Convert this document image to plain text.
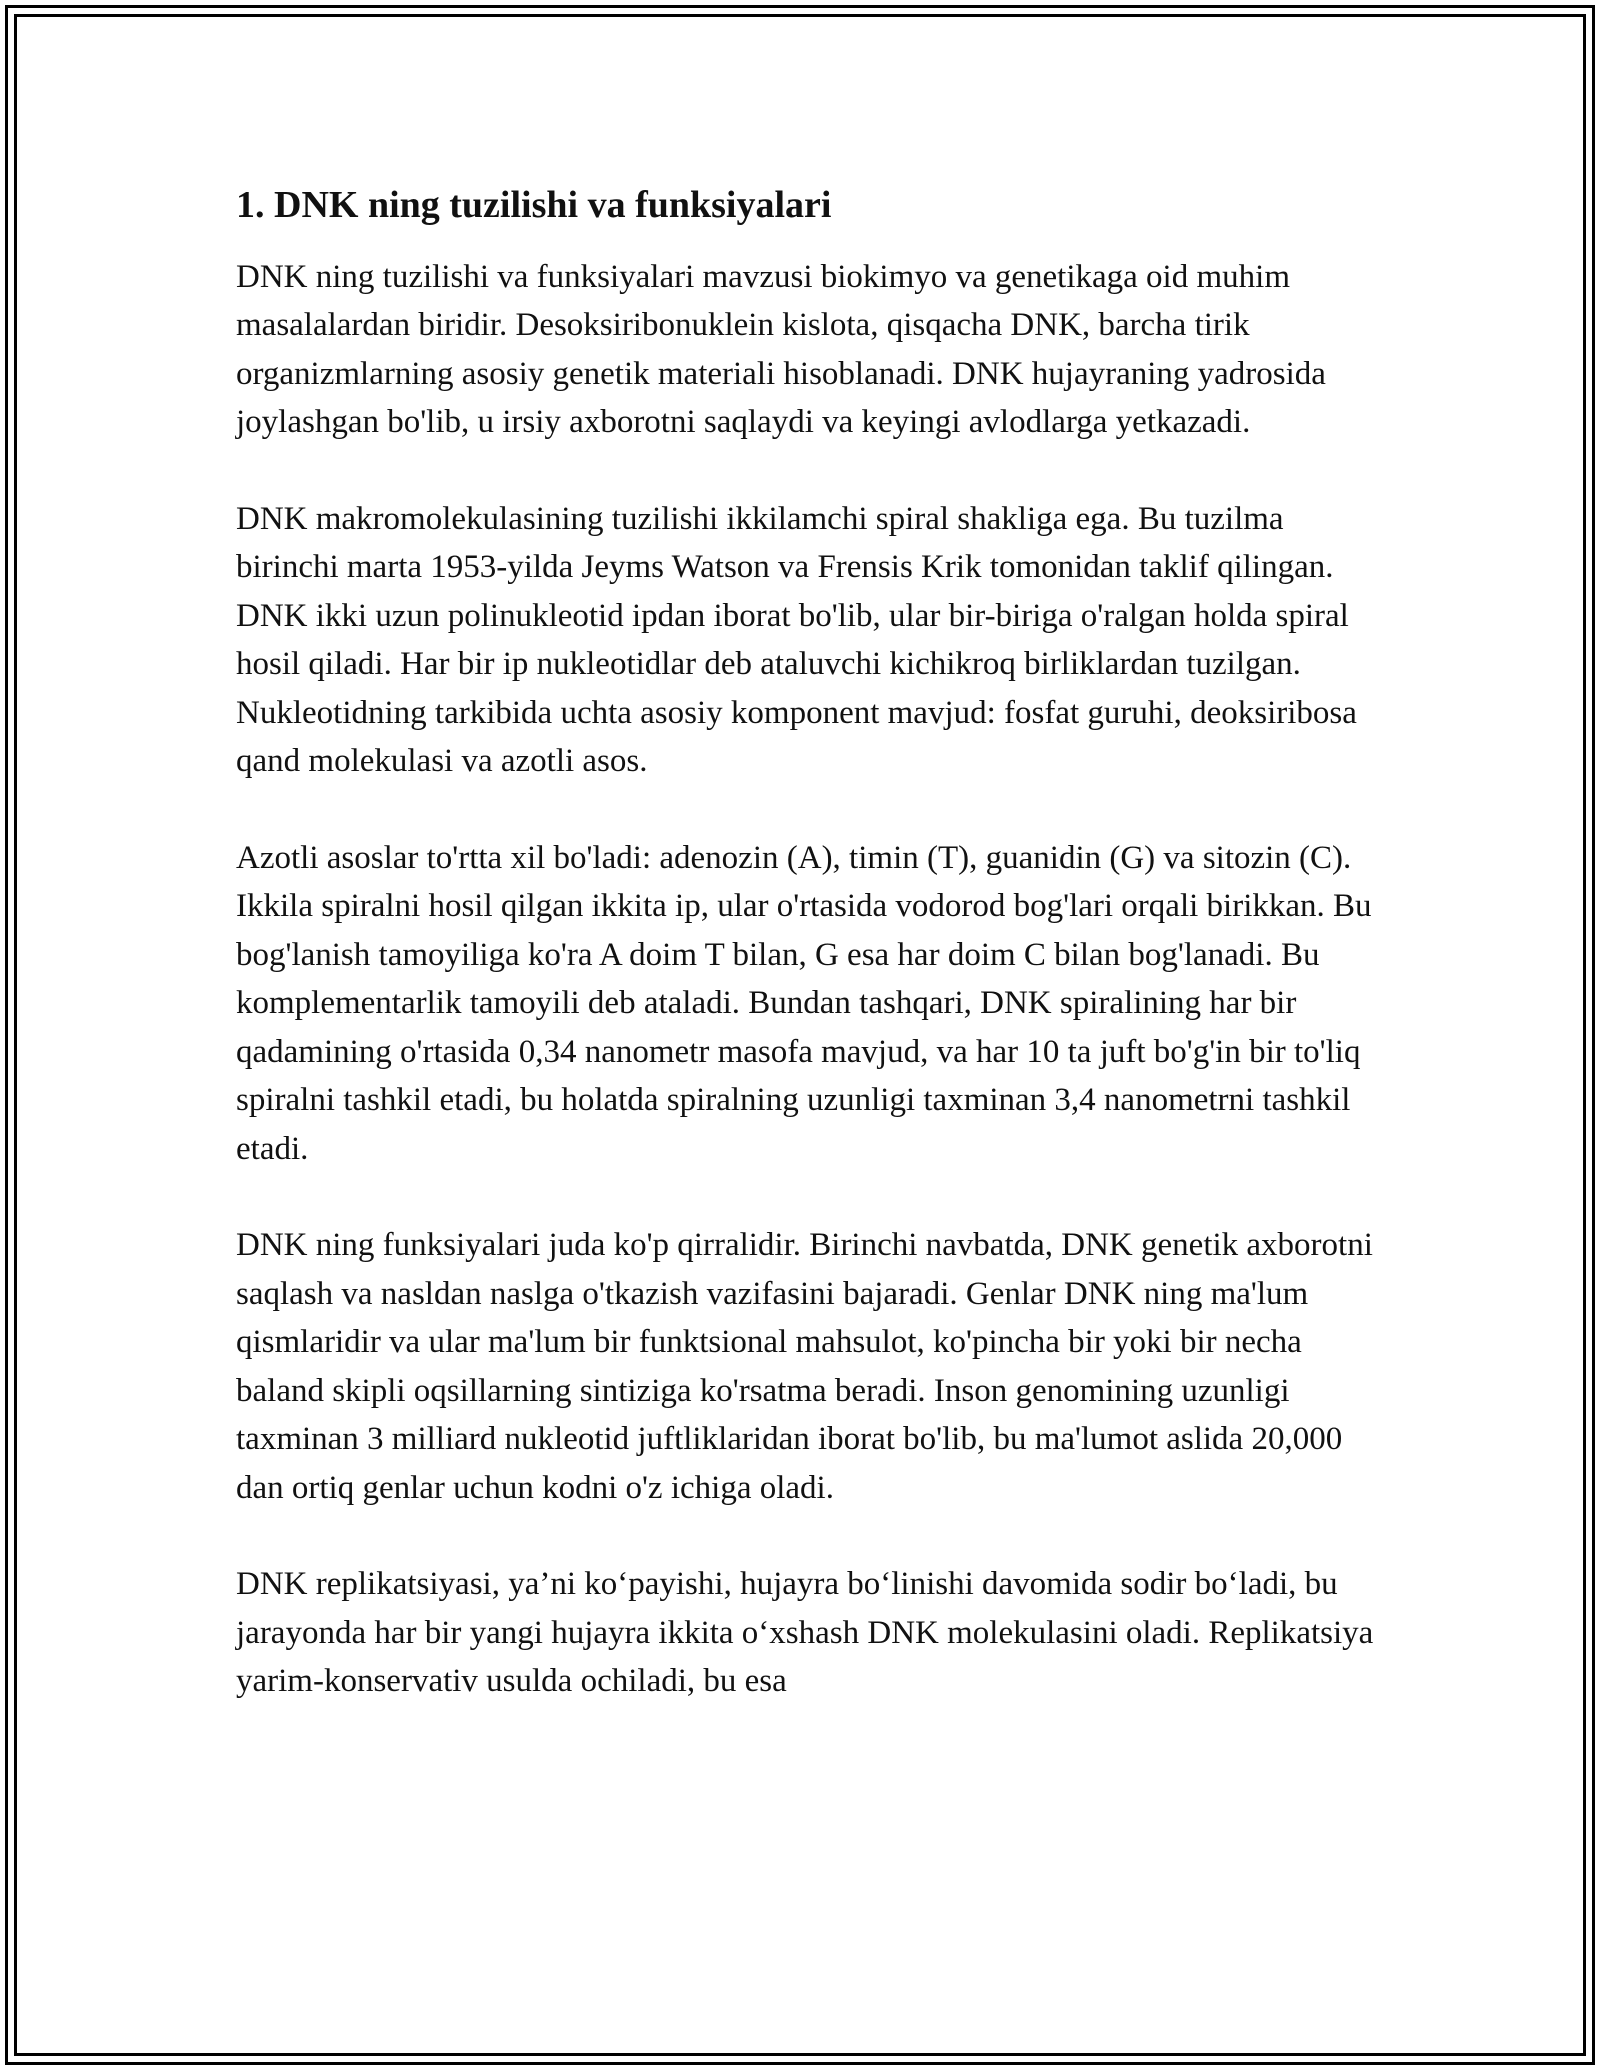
1. DNK ning tuzilishi va funksiyalari

DNK ning tuzilishi va funksiyalari mavzusi biokimyo va genetikaga oid muhim masalalardan biridir. Desoksiribonuklein kislota, qisqacha DNK, barcha tirik organizmlarning asosiy genetik materiali hisoblanadi. DNK hujayraning yadrosida joylashgan bo'lib, u irsiy axborotni saqlaydi va keyingi avlodlarga yetkazadi.

DNK makromolekulasining tuzilishi ikkilamchi spiral shakliga ega. Bu tuzilma birinchi marta 1953-yilda Jeyms Watson va Frensis Krik tomonidan taklif qilingan. DNK ikki uzun polinukleotid ipdan iborat bo'lib, ular bir-biriga o'ralgan holda spiral hosil qiladi. Har bir ip nukleotidlar deb ataluvchi kichikroq birliklardan tuzilgan. Nukleotidning tarkibida uchta asosiy komponent mavjud: fosfat guruhi, deoksiribosa qand molekulasi va azotli asos.

Azotli asoslar to'rtta xil bo'ladi: adenozin (A), timin (T), guanidin (G) va sitozin (C). Ikkila spiralni hosil qilgan ikkita ip, ular o'rtasida vodorod bog'lari orqali birikkan. Bu bog'lanish tamoyiliga ko'ra A doim T bilan, G esa har doim C bilan bog'lanadi. Bu komplementarlik tamoyili deb ataladi. Bundan tashqari, DNK spiralining har bir qadamining o'rtasida 0,34 nanometr masofa mavjud, va har 10 ta juft bo'g'in bir to'liq spiralni tashkil etadi, bu holatda spiralning uzunligi taxminan 3,4 nanometrni tashkil etadi.

DNK ning funksiyalari juda ko'p qirralidir. Birinchi navbatda, DNK genetik axborotni saqlash va nasldan naslga o'tkazish vazifasini bajaradi. Genlar DNK ning ma'lum qismlaridir va ular ma'lum bir funktsional mahsulot, ko'pincha bir yoki bir necha baland skipli oqsillarning sintiziga ko'rsatma beradi. Inson genomining uzunligi taxminan 3 milliard nukleotid juftliklaridan iborat bo'lib, bu ma'lumot aslida 20,000 dan ortiq genlar uchun kodni o'z ichiga oladi.

DNK replikatsiyasi, ya’ni ko‘payishi, hujayra bo‘linishi davomida sodir bo‘ladi, bu jarayonda har bir yangi hujayra ikkita o‘xshash DNK molekulasini oladi. Replikatsiya yarim-konservativ usulda ochiladi, bu esa
